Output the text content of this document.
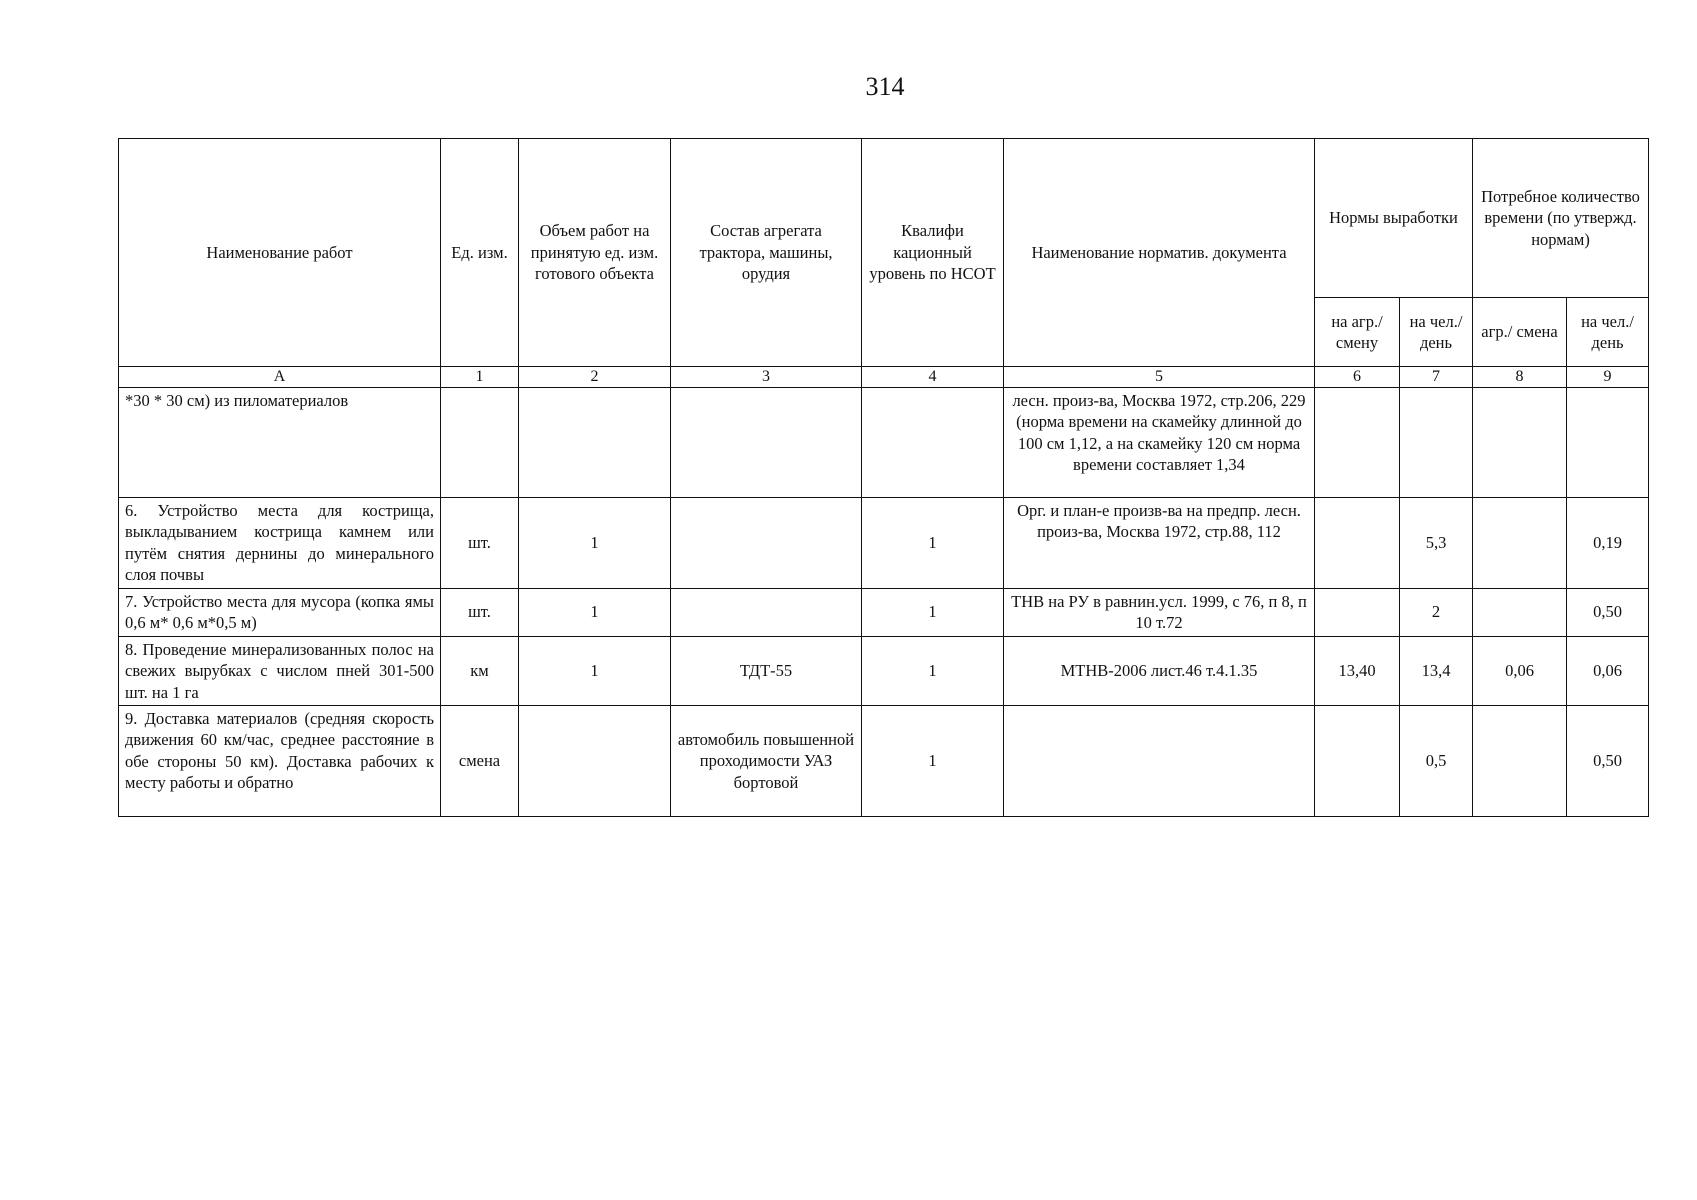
314
Наименование работ	Ед. изм.	Объем работ на принятую ед. изм. готового объекта	Состав агрегата трактора, машины, орудия	Квалифи кационный уровень по НСОТ	Наименование норматив. документа	Нормы выработки		Потребное количество времени (по утвержд. нормам)	
						на агр./ смену	на чел./ день	агр./ смена	на чел./ день
А	1	2	3	4	5	6	7	8	9
*30 * 30 см) из пиломатериалов					лесн. произ-ва, Москва 1972, стр.206, 229 (норма времени на скамейку длинной до 100 см 1,12, а на скамейку 120 см норма времени составляет 1,34				
6. Устройство места для кострища, выкладыванием кострища камнем или путём снятия дернины до минерального слоя почвы	шт.	1		1	Орг. и план-е произв-ва на предпр. лесн. произ-ва, Москва 1972, стр.88, 112		5,3		0,19
7. Устройство места для мусора (копка ямы 0,6 м* 0,6 м*0,5 м)	шт.	1		1	ТНВ на РУ в равнин.усл. 1999, с 76, п 8, п 10 т.72		2		0,50
8. Проведение минерализованных полос на свежих вырубках с числом пней 301-500 шт. на 1 га	км	1	ТДТ-55	1	МТНВ-2006 лист.46 т.4.1.35	13,40	13,4	0,06	0,06
9. Доставка материалов (средняя скорость движения 60 км/час, среднее расстояние в обе стороны 50 км). Доставка рабочих к месту работы и обратно	смена		автомобиль повышенной проходимости УАЗ бортовой	1			0,5		0,50
